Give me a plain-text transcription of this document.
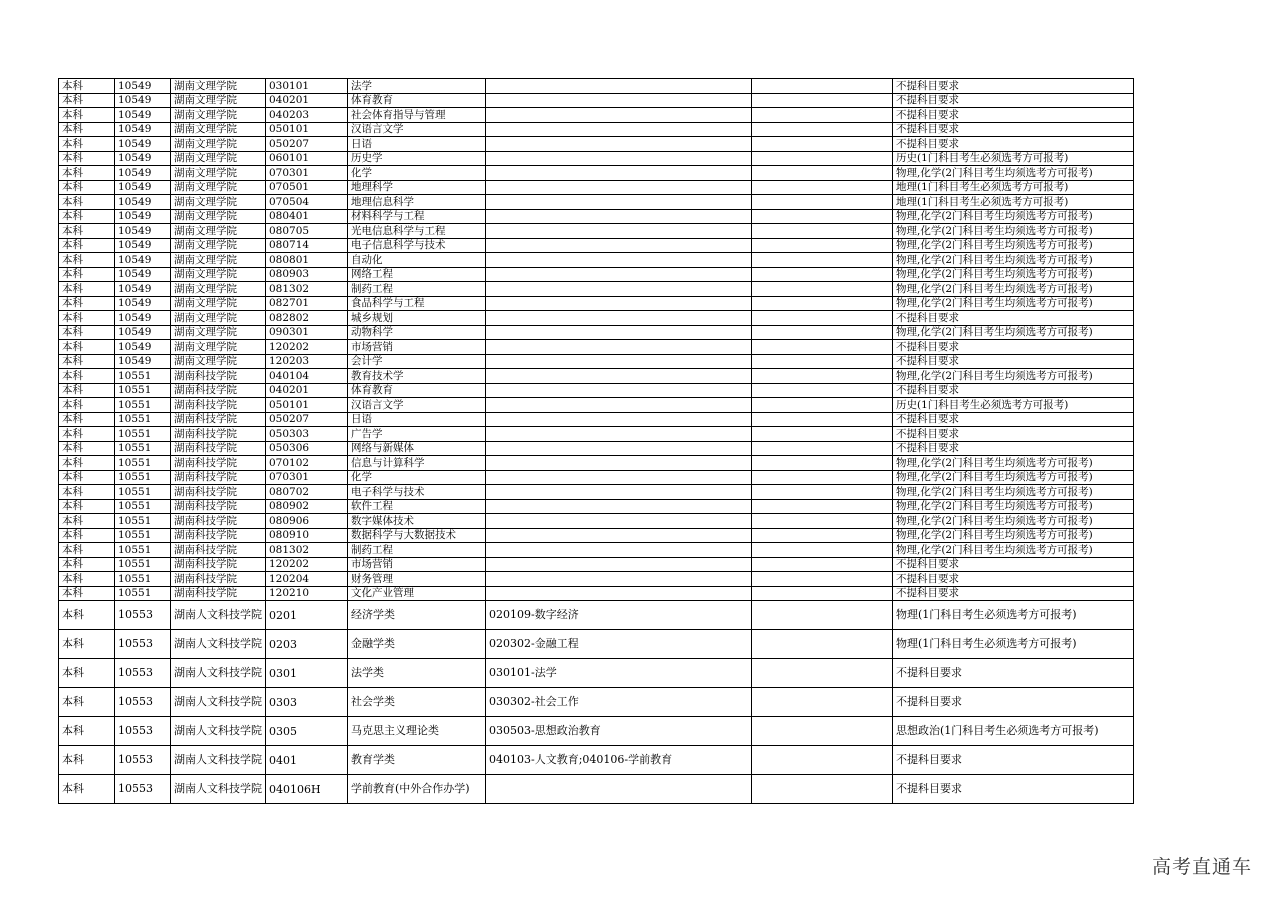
本科	10549	湖南文理学院	030101	法学			不提科目要求
本科	10549	湖南文理学院	040201	体育教育			不提科目要求
本科	10549	湖南文理学院	040203	社会体育指导与管理			不提科目要求
本科	10549	湖南文理学院	050101	汉语言文学			不提科目要求
本科	10549	湖南文理学院	050207	日语			不提科目要求
本科	10549	湖南文理学院	060101	历史学			历史(1门科目考生必须选考方可报考)
本科	10549	湖南文理学院	070301	化学			物理,化学(2门科目考生均须选考方可报考)
本科	10549	湖南文理学院	070501	地理科学			地理(1门科目考生必须选考方可报考)
本科	10549	湖南文理学院	070504	地理信息科学			地理(1门科目考生必须选考方可报考)
本科	10549	湖南文理学院	080401	材料科学与工程			物理,化学(2门科目考生均须选考方可报考)
本科	10549	湖南文理学院	080705	光电信息科学与工程			物理,化学(2门科目考生均须选考方可报考)
本科	10549	湖南文理学院	080714	电子信息科学与技术			物理,化学(2门科目考生均须选考方可报考)
本科	10549	湖南文理学院	080801	自动化			物理,化学(2门科目考生均须选考方可报考)
本科	10549	湖南文理学院	080903	网络工程			物理,化学(2门科目考生均须选考方可报考)
本科	10549	湖南文理学院	081302	制药工程			物理,化学(2门科目考生均须选考方可报考)
本科	10549	湖南文理学院	082701	食品科学与工程			物理,化学(2门科目考生均须选考方可报考)
本科	10549	湖南文理学院	082802	城乡规划			不提科目要求
本科	10549	湖南文理学院	090301	动物科学			物理,化学(2门科目考生均须选考方可报考)
本科	10549	湖南文理学院	120202	市场营销			不提科目要求
本科	10549	湖南文理学院	120203	会计学			不提科目要求
本科	10551	湖南科技学院	040104	教育技术学			物理,化学(2门科目考生均须选考方可报考)
本科	10551	湖南科技学院	040201	体育教育			不提科目要求
本科	10551	湖南科技学院	050101	汉语言文学			历史(1门科目考生必须选考方可报考)
本科	10551	湖南科技学院	050207	日语			不提科目要求
本科	10551	湖南科技学院	050303	广告学			不提科目要求
本科	10551	湖南科技学院	050306	网络与新媒体			不提科目要求
本科	10551	湖南科技学院	070102	信息与计算科学			物理,化学(2门科目考生均须选考方可报考)
本科	10551	湖南科技学院	070301	化学			物理,化学(2门科目考生均须选考方可报考)
本科	10551	湖南科技学院	080702	电子科学与技术			物理,化学(2门科目考生均须选考方可报考)
本科	10551	湖南科技学院	080902	软件工程			物理,化学(2门科目考生均须选考方可报考)
本科	10551	湖南科技学院	080906	数字媒体技术			物理,化学(2门科目考生均须选考方可报考)
本科	10551	湖南科技学院	080910	数据科学与大数据技术			物理,化学(2门科目考生均须选考方可报考)
本科	10551	湖南科技学院	081302	制药工程			物理,化学(2门科目考生均须选考方可报考)
本科	10551	湖南科技学院	120202	市场营销			不提科目要求
本科	10551	湖南科技学院	120204	财务管理			不提科目要求
本科	10551	湖南科技学院	120210	文化产业管理			不提科目要求
本科	10553	湖南人文科技学院	0201	经济学类	020109-数字经济		物理(1门科目考生必须选考方可报考)
本科	10553	湖南人文科技学院	0203	金融学类	020302-金融工程		物理(1门科目考生必须选考方可报考)
本科	10553	湖南人文科技学院	0301	法学类	030101-法学		不提科目要求
本科	10553	湖南人文科技学院	0303	社会学类	030302-社会工作		不提科目要求
本科	10553	湖南人文科技学院	0305	马克思主义理论类	030503-思想政治教育		思想政治(1门科目考生必须选考方可报考)
本科	10553	湖南人文科技学院	0401	教育学类	040103-人文教育;040106-学前教育		不提科目要求
本科	10553	湖南人文科技学院	040106H	学前教育(中外合作办学)			不提科目要求
高考直通车
